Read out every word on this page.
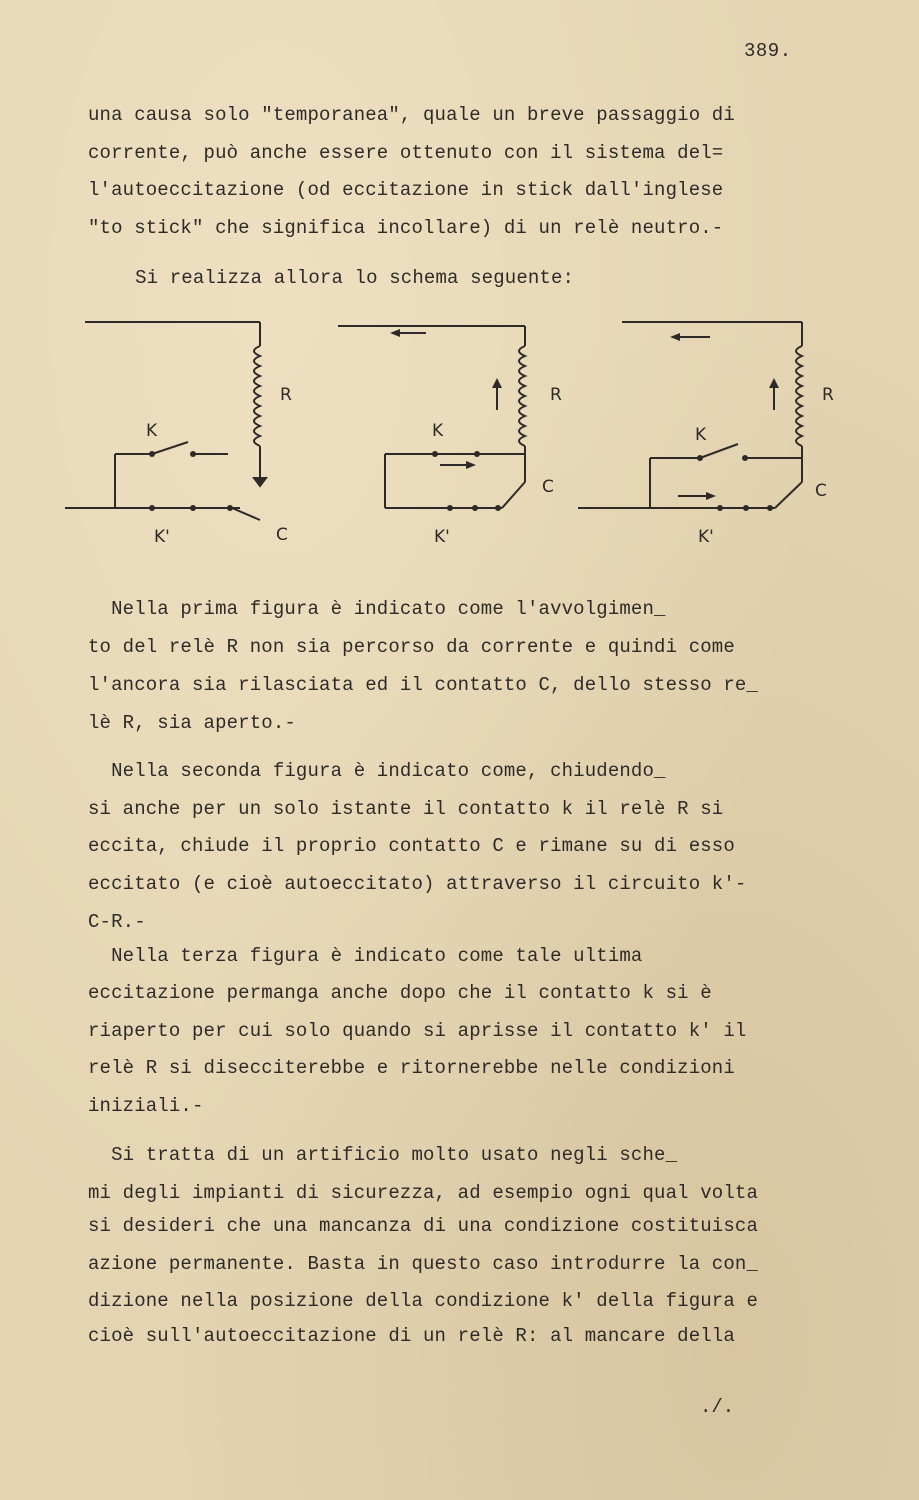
389.
una causa solo "temporanea", quale un breve passaggio di
corrente, può anche essere ottenuto con il sistema del=
l'autoeccitazione (od eccitazione in stick dall'inglese
"to stick" che significa incollare) di un relè neutro.-
Si realizza allora lo schema seguente:
R
K
K'	C
R
K
K'
C
R
K
K'
C
Nella prima figura è indicato come l'avvolgimen_
to del relè R non sia percorso da corrente e quindi come
l'ancora sia rilasciata ed il contatto C, dello stesso re_
lè R, sia aperto.-
Nella seconda figura è indicato come, chiudendo_
si anche per un solo istante il contatto k il relè R si
eccita, chiude il proprio contatto C e rimane su di esso
eccitato (e cioè autoeccitato) attraverso il circuito k'-
C-R.-
Nella terza figura è indicato come tale ultima
eccitazione permanga anche dopo che il contatto k si è
riaperto per cui solo quando si aprisse il contatto k' il
relè R si diseccitere​bbe e ritornerebbe nelle condizioni
iniziali.-
Si tratta di un artificio molto usato negli sche_
mi degli impianti di sicurezza, ad esempio ogni qual volta
si desideri che una mancanza di una condizione costituisca
azione permanente. Basta in questo caso introdurre la con_
dizione nella posizione della condizione k' della figura e
cioè sull'autoeccitazione di un relè R: al mancare della
./.
